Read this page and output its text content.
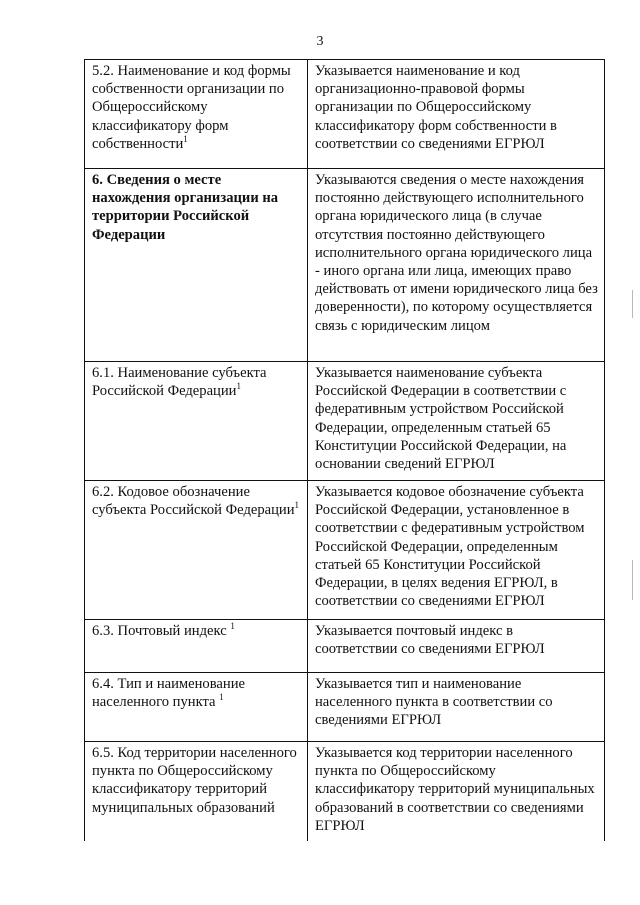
3
5.2. Наименование и код формы собственности организации по Общероссийскому классификатору форм собственности$^1$	Указывается наименование и код организационно-правовой формы организации по Общероссийскому классификатору форм собственности в соответствии со сведениями ЕГРЮЛ
6. Сведения о месте нахождения организации на территории Российской Федерации	Указываются сведения о месте нахождения постоянно действующего исполнительного органа юридического лица (в случае отсутствия постоянно действующего исполнительного органа юридического лица - иного органа или лица, имеющих право действовать от имени юридического лица без доверенности), по которому осуществляется связь с юридическим лицом
6.1. Наименование субъекта Российской Федерации$^1$	Указывается наименование субъекта Российской Федерации в соответствии с федеративным устройством Российской Федерации, определенным статьей 65 Конституции Российской Федерации, на основании сведений ЕГРЮЛ
6.2. Кодовое обозначение субъекта Российской Федерации$^1$	Указывается кодовое обозначение субъекта Российской Федерации, установленное в соответствии с федеративным устройством Российской Федерации, определенным статьей 65 Конституции Российской Федерации, в целях ведения ЕГРЮЛ, в соответствии со сведениями ЕГРЮЛ
6.3. Почтовый индекс $^1$	Указывается почтовый индекс в соответствии со сведениями ЕГРЮЛ
6.4. Тип и наименование населенного пункта $^1$	Указывается тип и наименование населенного пункта в соответствии со сведениями ЕГРЮЛ
6.5. Код территории населенного пункта по Общероссийскому классификатору территорий муниципальных образований	Указывается код территории населенного пункта по Общероссийскому классификатору территорий муниципальных образований в соответствии со сведениями ЕГРЮЛ
